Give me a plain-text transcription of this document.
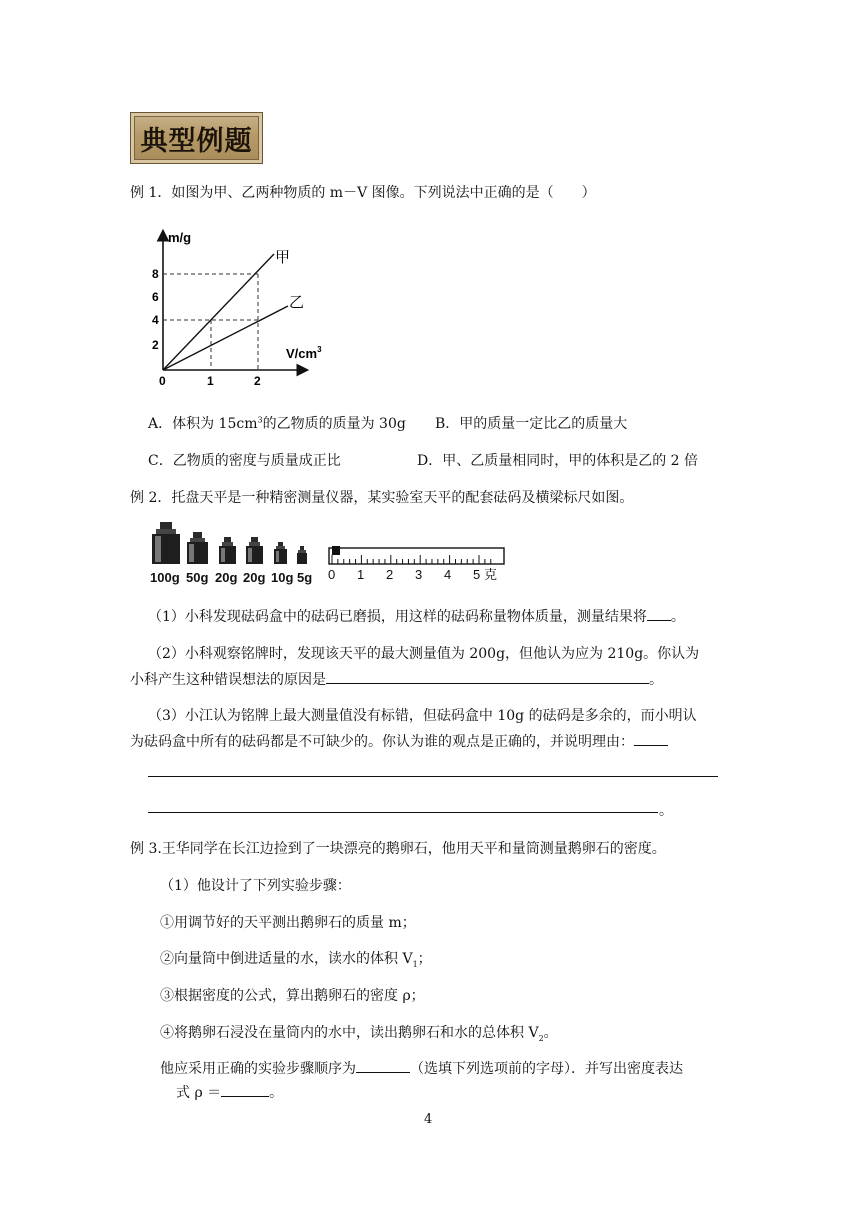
典型例题
例 1．如图为甲、乙两种物质的 m－V 图像。下列说法中正确的是（　　）
m/g
$V/cm^3$
8
6
4
2
0	1	2
甲
乙
A．体积为 $15cm^3$的乙物质的质量为 30g B．甲的质量一定比乙的质量大
C．乙物质的密度与质量成正比	D．甲、乙质量相同时，甲的体积是乙的 2 倍
例 2．托盘天平是一种精密测量仪器，某实验室天平的配套砝码及横梁标尺如图。
100g 50g 20g 20g 10g 5g 0 1 2 3 4 5 克
（1）小科发现砝码盒中的砝码已磨损，用这样的砝码称量物体质量，测量结果将 。
（2）小科观察铭牌时，发现该天平的最大测量值为 200g，但他认为应为 210g。你认为
小科产生这种错误想法的原因是	。
（3）小江认为铭牌上最大测量值没有标错，但砝码盒中 10g 的砝码是多余的，而小明认
为砝码盒中所有的砝码都是不可缺少的。你认为谁的观点是正确的，并说明理由：
。
例 3.王华同学在长江边捡到了一块漂亮的鹅卵石，他用天平和量筒测量鹅卵石的密度。
（1）他设计了下列实验步骤：
①用调节好的天平测出鹅卵石的质量 m；
②向量筒中倒进适量的水，读水的体积 $V_1$；
③根据密度的公式，算出鹅卵石的密度 ρ；
④将鹅卵石浸没在量筒内的水中，读出鹅卵石和水的总体积 $V_2$。
他应采用正确的实验步骤顺序为	（选填下列选项前的字母）．并写出密度表达
式 ρ ＝	。
4
